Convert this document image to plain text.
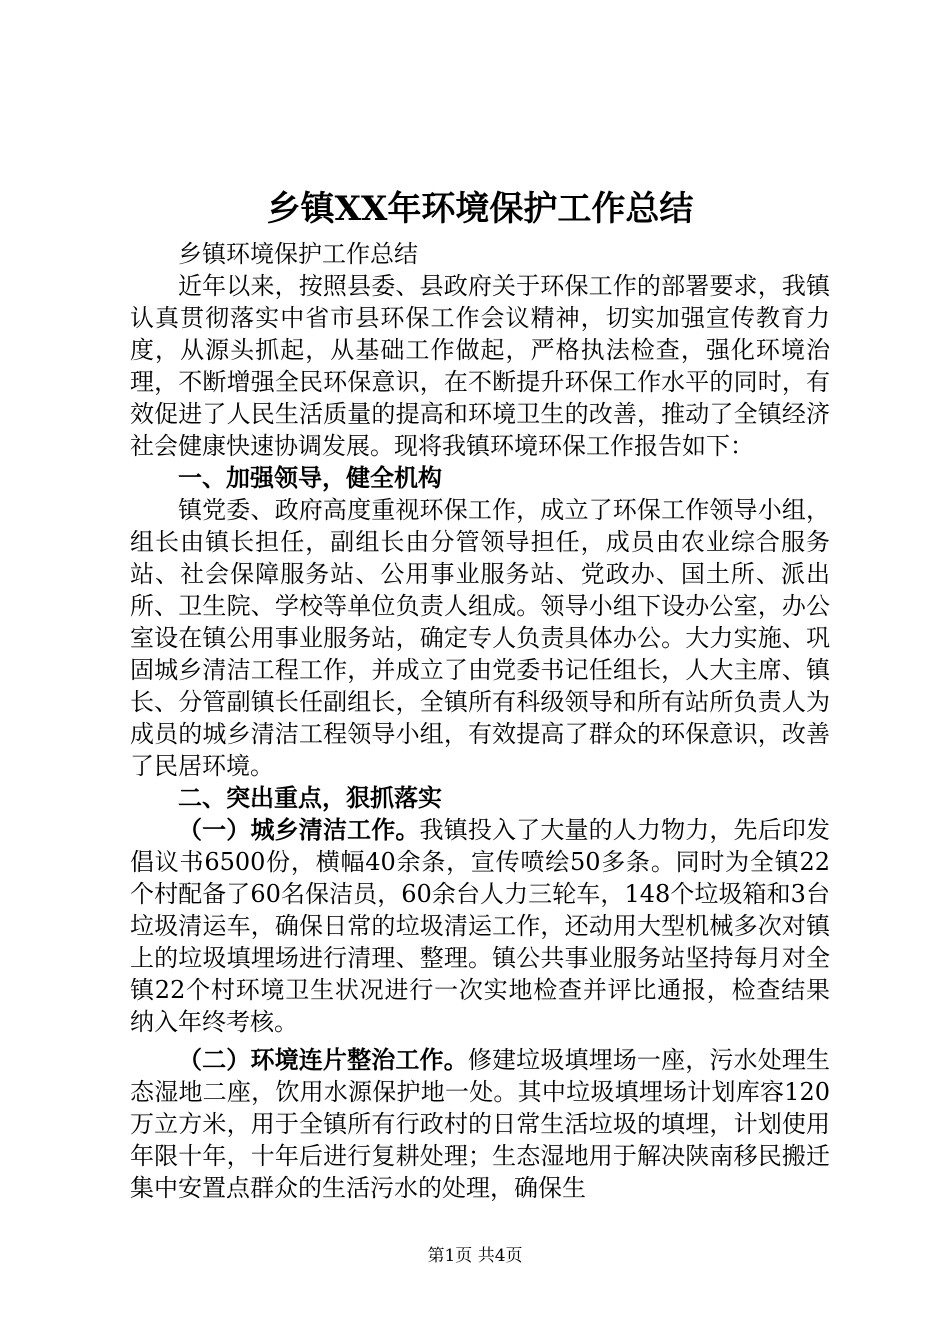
乡镇XX年环境保护工作总结

乡镇环境保护工作总结

近年以来，按照县委、县政府关于环保工作的部署要求，我镇认真贯彻落实中省市县环保工作会议精神，切实加强宣传教育力度，从源头抓起，从基础工作做起，严格执法检查，强化环境治理，不断增强全民环保意识，在不断提升环保工作水平的同时，有效促进了人民生活质量的提高和环境卫生的改善，推动了全镇经济社会健康快速协调发展。现将我镇环境环保工作报告如下：

一、加强领导，健全机构

镇党委、政府高度重视环保工作，成立了环保工作领导小组，组长由镇长担任，副组长由分管领导担任，成员由农业综合服务站、社会保障服务站、公用事业服务站、党政办、国土所、派出所、卫生院、学校等单位负责人组成。领导小组下设办公室，办公室设在镇公用事业服务站，确定专人负责具体办公。大力实施、巩固城乡清洁工程工作，并成立了由党委书记任组长，人大主席、镇长、分管副镇长任副组长，全镇所有科级领导和所有站所负责人为成员的城乡清洁工程领导小组，有效提高了群众的环保意识，改善了民居环境。

二、突出重点，狠抓落实

（一）城乡清洁工作。我镇投入了大量的人力物力，先后印发倡议书6500份，横幅40余条，宣传喷绘50多条。同时为全镇22个村配备了60名保洁员，60余台人力三轮车，148个垃圾箱和3台垃圾清运车，确保日常的垃圾清运工作，还动用大型机械多次对镇上的垃圾填埋场进行清理、整理。镇公共事业服务站坚持每月对全镇22个村环境卫生状况进行一次实地检查并评比通报，检查结果纳入年终考核。

（二）环境连片整治工作。修建垃圾填埋场一座，污水处理生态湿地二座，饮用水源保护地一处。其中垃圾填埋场计划库容120万立方米，用于全镇所有行政村的日常生活垃圾的填埋，计划使用年限十年，十年后进行复耕处理；生态湿地用于解决陕南移民搬迁集中安置点群众的生活污水的处理，确保生

第1页 共4页
